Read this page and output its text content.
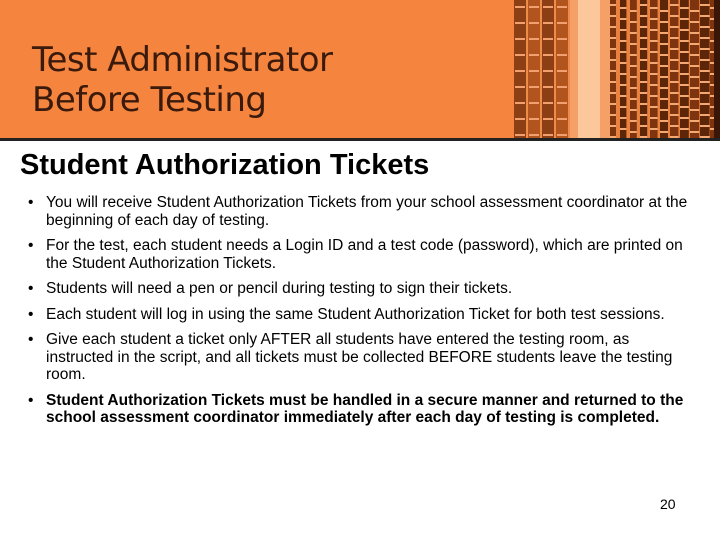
Test Administrator
Before Testing
Student Authorization Tickets
• You will receive Student Authorization Tickets from your school assessment coordinator at the beginning of each day of testing.
• For the test, each student needs a Login ID and a test code (password), which are printed on the Student Authorization Tickets.
• Students will need a pen or pencil during testing to sign their tickets.
• Each student will log in using the same Student Authorization Ticket for both test sessions.
• Give each student a ticket only AFTER all students have entered the testing room, as instructed in the script, and all tickets must be collected BEFORE students leave the testing room.
• Student Authorization Tickets must be handled in a secure manner and returned to the school assessment coordinator immediately after each day of testing is completed.
20
